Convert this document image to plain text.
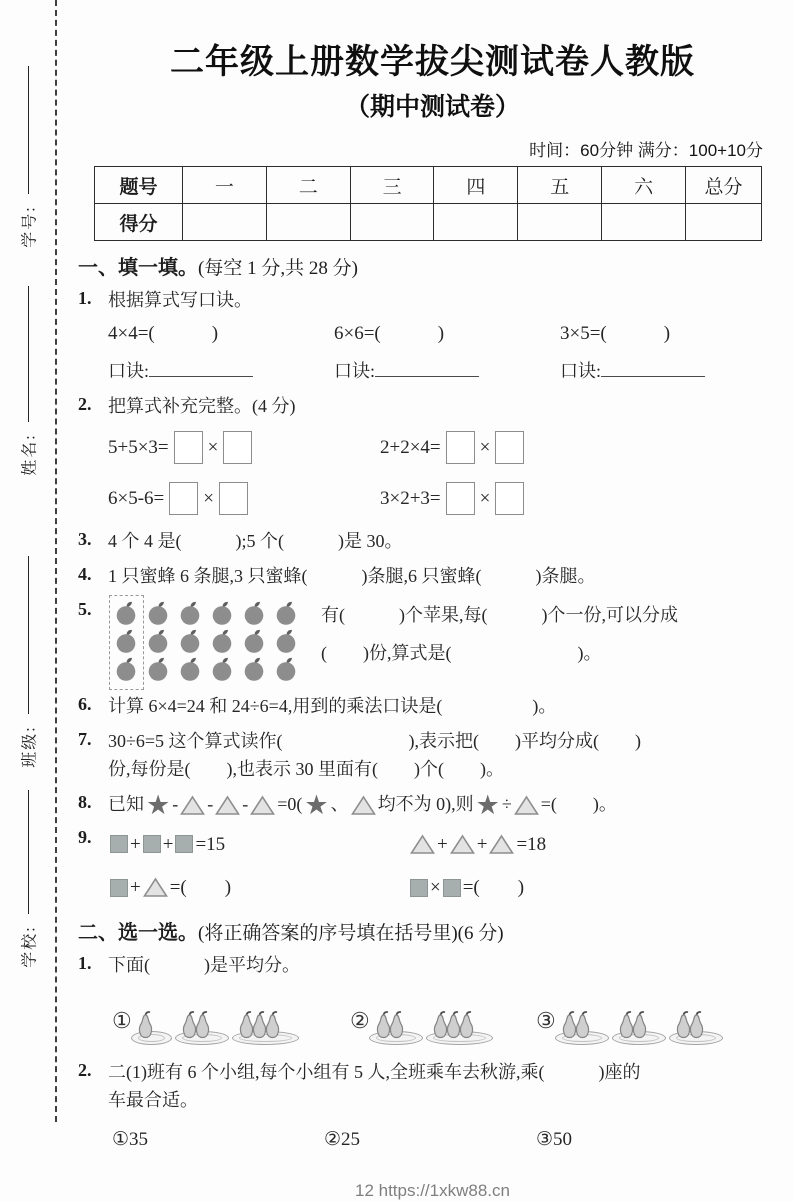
学号:
姓名:
班级:
学校:
二年级上册数学拔尖测试卷人教版
（期中测试卷）
时间：60分钟 满分：100+10分
题号	一	二	三	四	五	六	总分
得分							
一、填一填。(每空 1 分,共 28 分)
1. 根据算式写口诀。
4×4=(　　　)
口诀:
6×6=(　　　)
口诀:
3×5=(　　　)
口诀:
2. 把算式补充完整。(4 分)
5+5×3= ×	2+2×4= ×
6×5-6= ×	3×2+3= ×
3. 4 个 4 是(　　　);5 个(　　　)是 30。
4. 1 只蜜蜂 6 条腿,3 只蜜蜂(　　　)条腿,6 只蜜蜂(　　　)条腿。
5.	有(　　　)个苹果,每(　　　)个一份,可以分成
(　　)份,算式是(　　　　　　　)。
6. 计算 6×4=24 和 24÷6=4,用到的乘法口诀是(　　　　　)。
7. 30÷6=5 这个算式读作(　　　　　　　),表示把(　　)平均分成(　　)
份,每份是(　　),也表示 30 里面有(　　)个(　　)。
8. 已知★ - - - =0(★ 、 均不为 0),则★ ÷ =(　　)。
9.	+ + =15	+ + =18
+ =(　　)	× =(　　)
二、选一选。(将正确答案的序号填在括号里)(6 分)
1. 下面(　　　)是平均分。
①	②	③
2. 二(1)班有 6 个小组,每个小组有 5 人,全班乘车去秋游,乘(　　　)座的
车最合适。
①35	②25	③50
12 https://1xkw88.cn
